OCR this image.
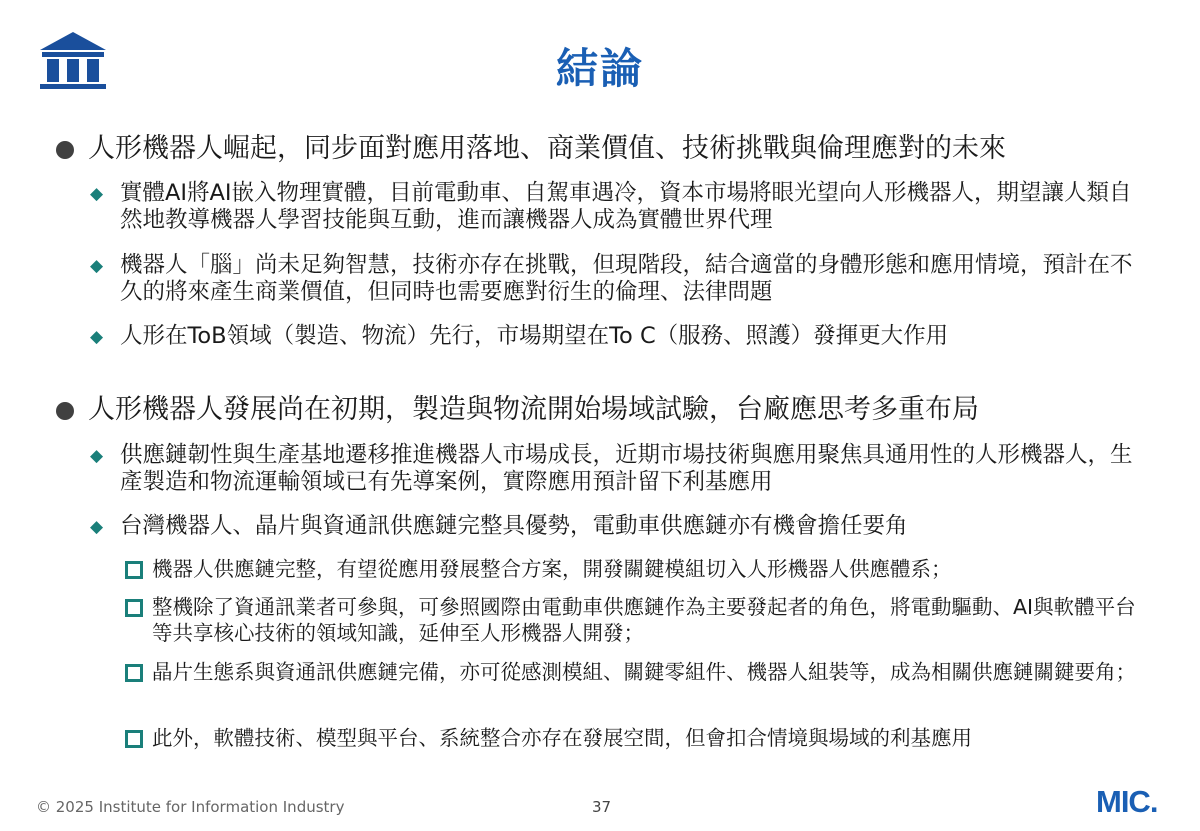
結論
人形機器人崛起，同步面對應用落地、商業價值、技術挑戰與倫理應對的未來
◆ 實體AI將AI嵌入物理實體，目前電動車、自駕車遇冷，資本市場將眼光望向人形機器人，期望讓人類自然地教導機器人學習技能與互動，進而讓機器人成為實體世界代理
◆ 機器人「腦」尚未足夠智慧，技術亦存在挑戰，但現階段，結合適當的身體形態和應用情境，預計在不久的將來產生商業價值，但同時也需要應對衍生的倫理、法律問題
◆ 人形在ToB領域（製造、物流）先行，市場期望在To C（服務、照護）發揮更大作用
人形機器人發展尚在初期，製造與物流開始場域試驗，台廠應思考多重布局
◆ 供應鏈韌性與生產基地遷移推進機器人市場成長，近期市場技術與應用聚焦具通用性的人形機器人，生產製造和物流運輸領域已有先導案例，實際應用預計留下利基應用
◆ 台灣機器人、晶片與資通訊供應鏈完整具優勢，電動車供應鏈亦有機會擔任要角
機器人供應鏈完整，有望從應用發展整合方案，開發關鍵模組切入人形機器人供應體系；
整機除了資通訊業者可參與，可參照國際由電動車供應鏈作為主要發起者的角色，將電動驅動、AI與軟體平台等共享核心技術的領域知識，延伸至人形機器人開發；
晶片生態系與資通訊供應鏈完備，亦可從感測模組、關鍵零組件、機器人組裝等，成為相關供應鏈關鍵要角；
此外，軟體技術、模型與平台、系統整合亦存在發展空間，但會扣合情境與場域的利基應用
© 2025 Institute for Information Industry	37	MIC.
